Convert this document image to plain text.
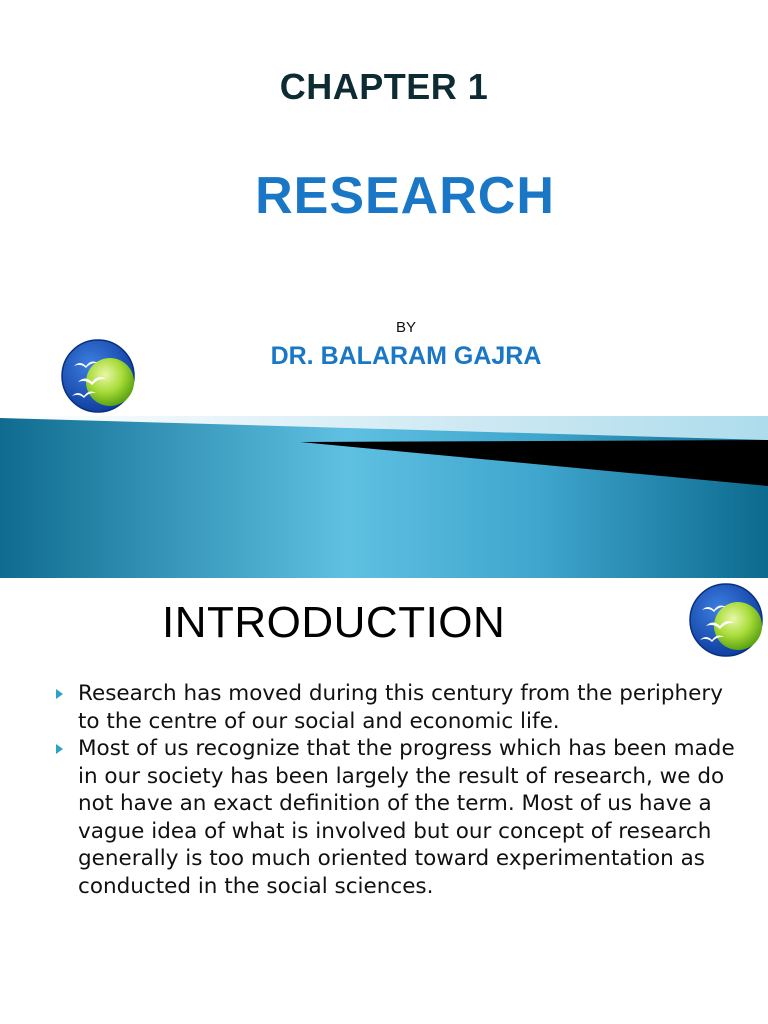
CHAPTER 1
RESEARCH
BY
DR. BALARAM GAJRA
INTRODUCTION
Research has moved during this century from the periphery to the centre of our social and economic life.
Most of us recognize that the progress which has been made in our society has been largely the result of research, we do not have an exact definition of the term. Most of us have a vague idea of what is involved but our concept of research generally is too much oriented toward experimentation as conducted in the social sciences.
